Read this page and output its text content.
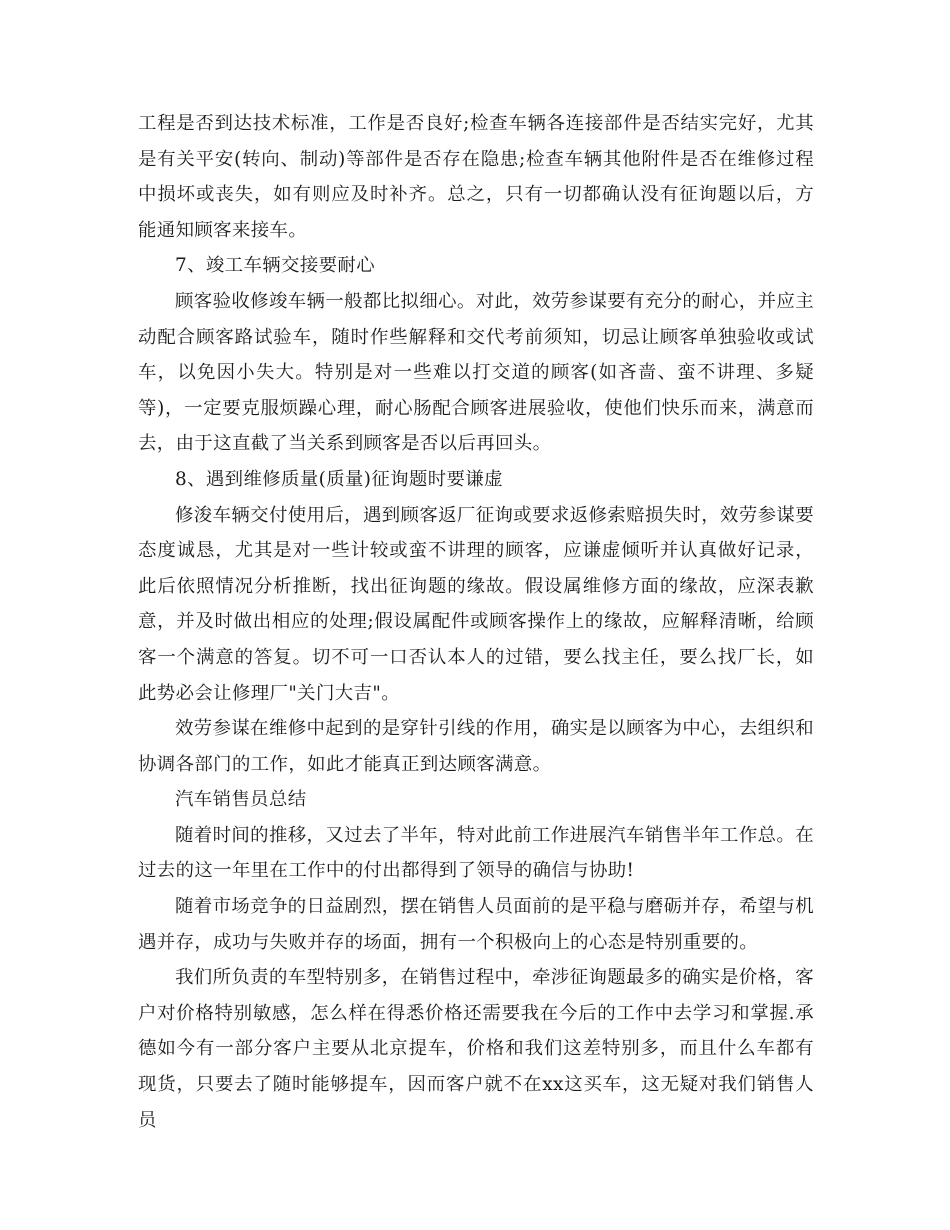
工程是否到达技术标准，工作是否良好;检查车辆各连接部件是否结实完好，尤其是有关平安(转向、制动)等部件是否存在隐患;检查车辆其他附件是否在维修过程中损坏或丧失，如有则应及时补齐。总之，只有一切都确认没有征询题以后，方能通知顾客来接车。

7、竣工车辆交接要耐心

顾客验收修竣车辆一般都比拟细心。对此，效劳参谋要有充分的耐心，并应主动配合顾客路试验车，随时作些解释和交代考前须知，切忌让顾客单独验收或试车，以免因小失大。特别是对一些难以打交道的顾客(如吝啬、蛮不讲理、多疑等)，一定要克服烦躁心理，耐心肠配合顾客进展验收，使他们快乐而来，满意而去，由于这直截了当关系到顾客是否以后再回头。

8、遇到维修质量(质量)征询题时要谦虚

修浚车辆交付使用后，遇到顾客返厂征询或要求返修索赔损失时，效劳参谋要态度诚恳，尤其是对一些计较或蛮不讲理的顾客，应谦虚倾听并认真做好记录，此后依照情况分析推断，找出征询题的缘故。假设属维修方面的缘故，应深表歉意，并及时做出相应的处理;假设属配件或顾客操作上的缘故，应解释清晰，给顾客一个满意的答复。切不可一口否认本人的过错，要么找主任，要么找厂长，如此势必会让修理厂"关门大吉"。

效劳参谋在维修中起到的是穿针引线的作用，确实是以顾客为中心，去组织和协调各部门的工作，如此才能真正到达顾客满意。

汽车销售员总结

随着时间的推移，又过去了半年，特对此前工作进展汽车销售半年工作总。在过去的这一年里在工作中的付出都得到了领导的确信与协助!

随着市场竞争的日益剧烈，摆在销售人员面前的是平稳与磨砺并存，希望与机遇并存，成功与失败并存的场面，拥有一个积极向上的心态是特别重要的。

我们所负责的车型特别多，在销售过程中，牵涉征询题最多的确实是价格，客户对价格特别敏感，怎么样在得悉价格还需要我在今后的工作中去学习和掌握.承德如今有一部分客户主要从北京提车，价格和我们这差特别多，而且什么车都有现货，只要去了随时能够提车，因而客户就不在xx这买车，这无疑对我们销售人员
